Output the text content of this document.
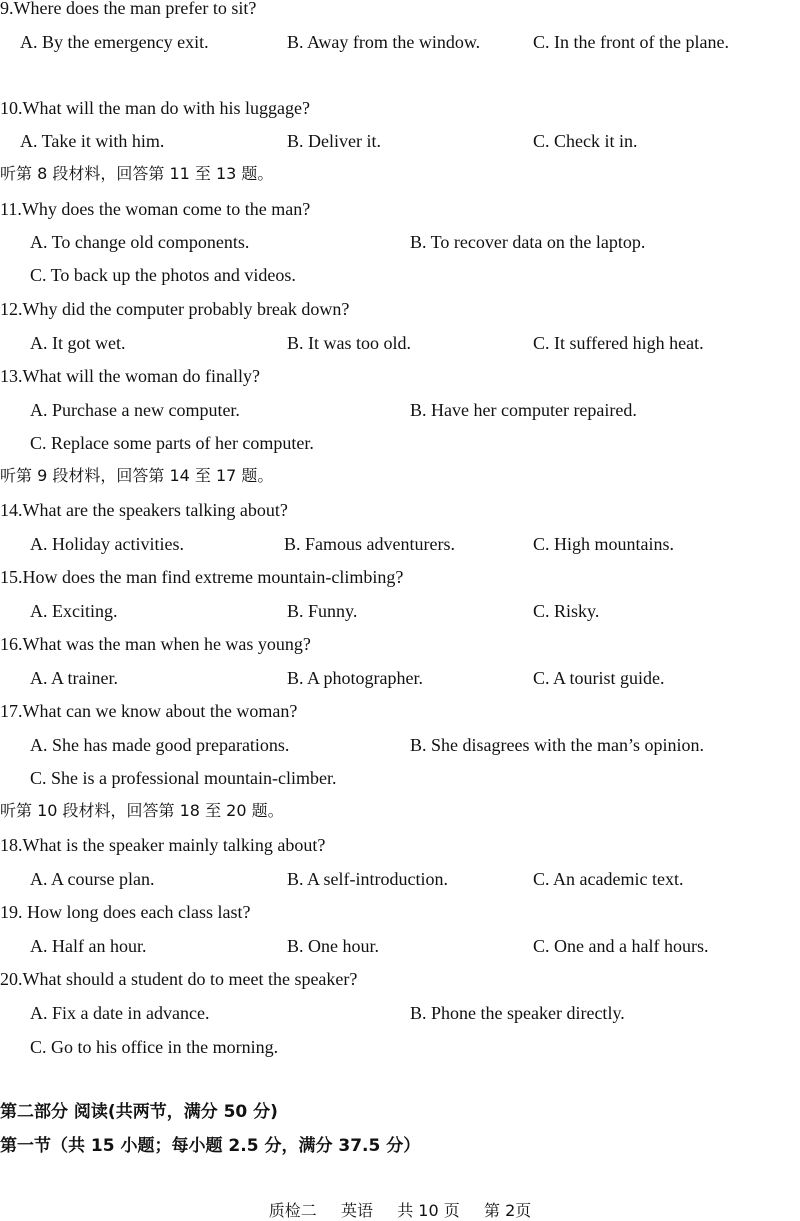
9.Where does the man prefer to sit?
A. By the emergency exit.	B. Away from the window.	C. In the front of the plane.
10.What will the man do with his luggage?
A. Take it with him.	B. Deliver it.	C. Check it in.
听第 8 段材料，回答第 11 至 13 题。
11.Why does the woman come to the man?
A. To change old components.	B. To recover data on the laptop.
C. To back up the photos and videos.
12.Why did the computer probably break down?
A. It got wet.	B. It was too old.	C. It suffered high heat.
13.What will the woman do finally?
A. Purchase a new computer.	B. Have her computer repaired.
C. Replace some parts of her computer.
听第 9 段材料，回答第 14 至 17 题。
14.What are the speakers talking about?
A. Holiday activities.	B. Famous adventurers.	C. High mountains.
15.How does the man find extreme mountain-climbing?
A. Exciting.	B. Funny.	C. Risky.
16.What was the man when he was young?
A. A trainer.	B. A photographer.	C. A tourist guide.
17.What can we know about the woman?
A. She has made good preparations.	B. She disagrees with the man’s opinion.
C. She is a professional mountain-climber.
听第 10 段材料，回答第 18 至 20 题。
18.What is the speaker mainly talking about?
A. A course plan.	B. A self-introduction.	C. An academic text.
19. How long does each class last?
A. Half an hour.	B. One hour.	C. One and a half hours.
20.What should a student do to meet the speaker?
A. Fix a date in advance.	B. Phone the speaker directly.
C. Go to his office in the morning.
第二部分 阅读(共两节，满分 50 分)
第一节（共 15 小题；每小题 2.5 分，满分 37.5 分）
质检二 英语 共 10 页 第 2页
